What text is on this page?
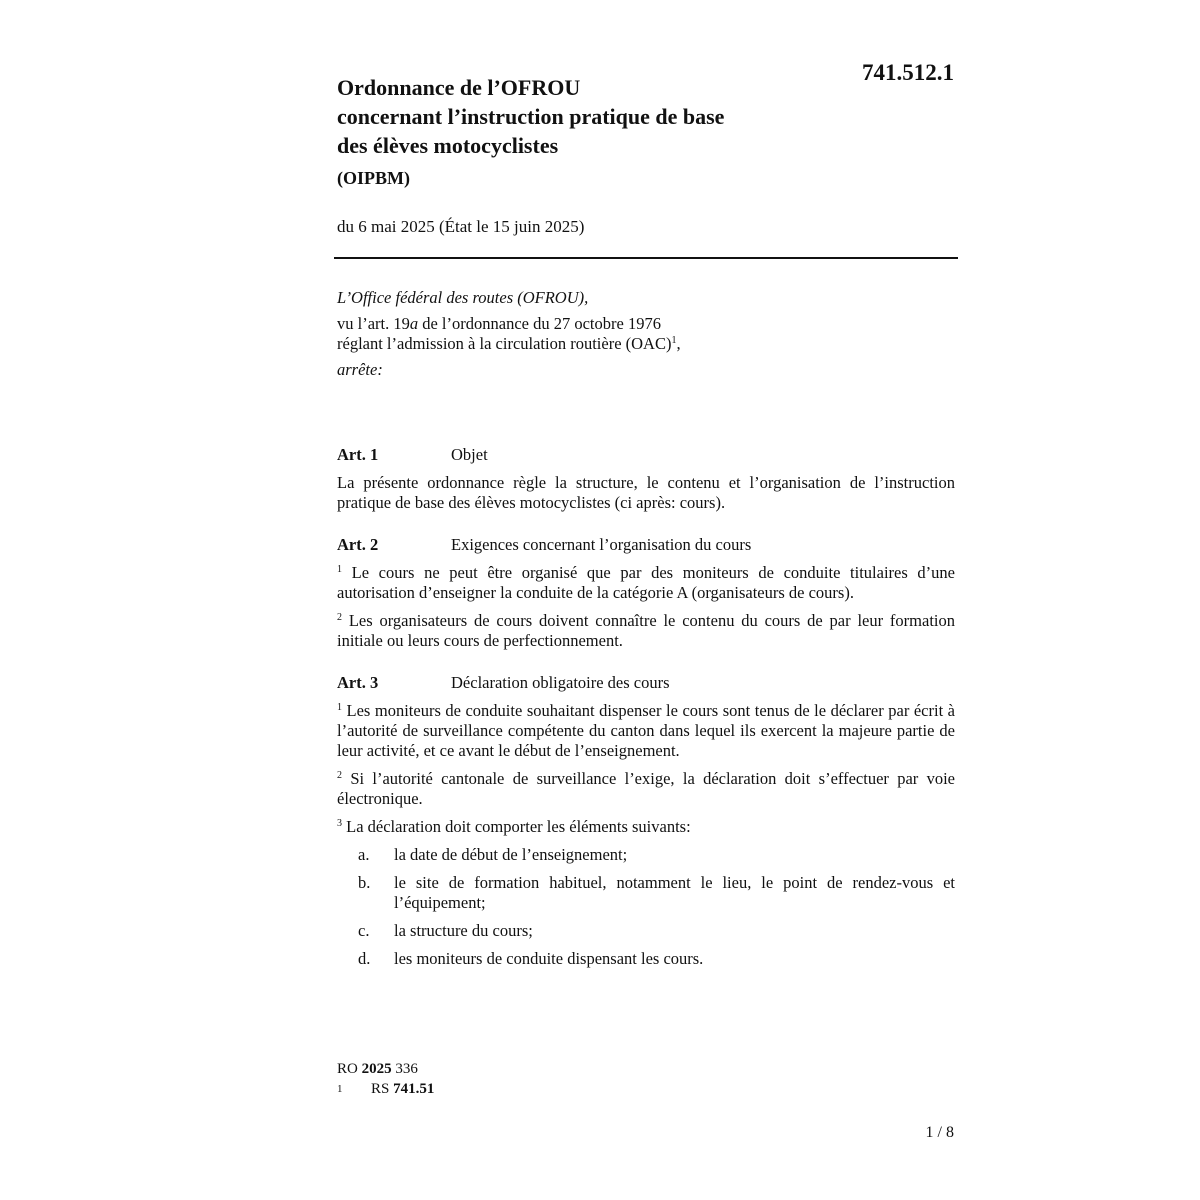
741.512.1
Ordonnance de l’OFROU
concernant l’instruction pratique de base
des élèves motocyclistes
(OIPBM)
du 6 mai 2025 (État le 15 juin 2025)

L’Office fédéral des routes (OFROU),

vu l’art. 19a de l’ordonnance du 27 octobre 1976

réglant l’admission à la circulation routière (OAC)$^1$,

arrête:

Art. 1	Objet

La présente ordonnance règle la structure, le contenu et l’organisation de l’instruction pratique de base des élèves motocyclistes (ci après: cours).

Art. 2	Exigences concernant l’organisation du cours

$^1$ Le cours ne peut être organisé que par des moniteurs de conduite titulaires d’une autorisation d’enseigner la conduite de la catégorie A (organisateurs de cours).

$^2$ Les organisateurs de cours doivent connaître le contenu du cours de par leur formation initiale ou leurs cours de perfectionnement.

Art. 3	Déclaration obligatoire des cours

$^1$ Les moniteurs de conduite souhaitant dispenser le cours sont tenus de le déclarer par écrit à l’autorité de surveillance compétente du canton dans lequel ils exercent la majeure partie de leur activité, et ce avant le début de l’enseignement.

$^2$ Si l’autorité cantonale de surveillance l’exige, la déclaration doit s’effectuer par voie électronique.

$^3$ La déclaration doit comporter les éléments suivants:

a.	la date de début de l’enseignement;
b.	le site de formation habituel, notamment le lieu, le point de rendez-vous et l’équipement;
c.	la structure du cours;
d.	les moniteurs de conduite dispensant les cours.
RO 2025 336
1	RS 741.51
1 / 8
